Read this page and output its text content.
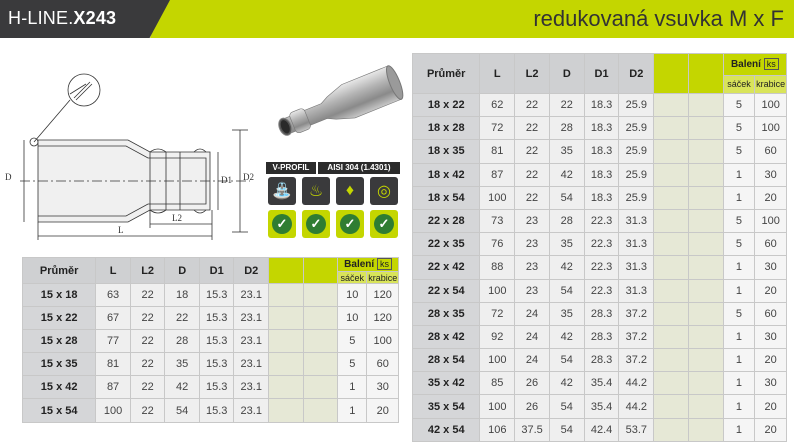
H-LINE.X243	redukovaná vsuvka M x F
D	D1 D2
L
L2
V-PROFIL	AISI 304 (1.4301)
⛲	♨	♦	◎
✓	✓	✓	✓
Průměr	L	L2	D	D1	D2			Balení ks	
								sáček	krabice
15 x 18	63	22	18	15.3	23.1			10	120
15 x 22	67	22	22	15.3	23.1			10	120
15 x 28	77	22	28	15.3	23.1			5	100
15 x 35	81	22	35	15.3	23.1			5	60
15 x 42	87	22	42	15.3	23.1			1	30
15 x 54	100	22	54	15.3	23.1			1	20
Průměr	L	L2	D	D1	D2			Balení ks	
								sáček	krabice
18 x 22	62	22	22	18.3	25.9			5	100
18 x 28	72	22	28	18.3	25.9			5	100
18 x 35	81	22	35	18.3	25.9			5	60
18 x 42	87	22	42	18.3	25.9			1	30
18 x 54	100	22	54	18.3	25.9			1	20
22 x 28	73	23	28	22.3	31.3			5	100
22 x 35	76	23	35	22.3	31.3			5	60
22 x 42	88	23	42	22.3	31.3			1	30
22 x 54	100	23	54	22.3	31.3			1	20
28 x 35	72	24	35	28.3	37.2			5	60
28 x 42	92	24	42	28.3	37.2			1	30
28 x 54	100	24	54	28.3	37.2			1	20
35 x 42	85	26	42	35.4	44.2			1	30
35 x 54	100	26	54	35.4	44.2			1	20
42 x 54	106	37.5	54	42.4	53.7			1	20
